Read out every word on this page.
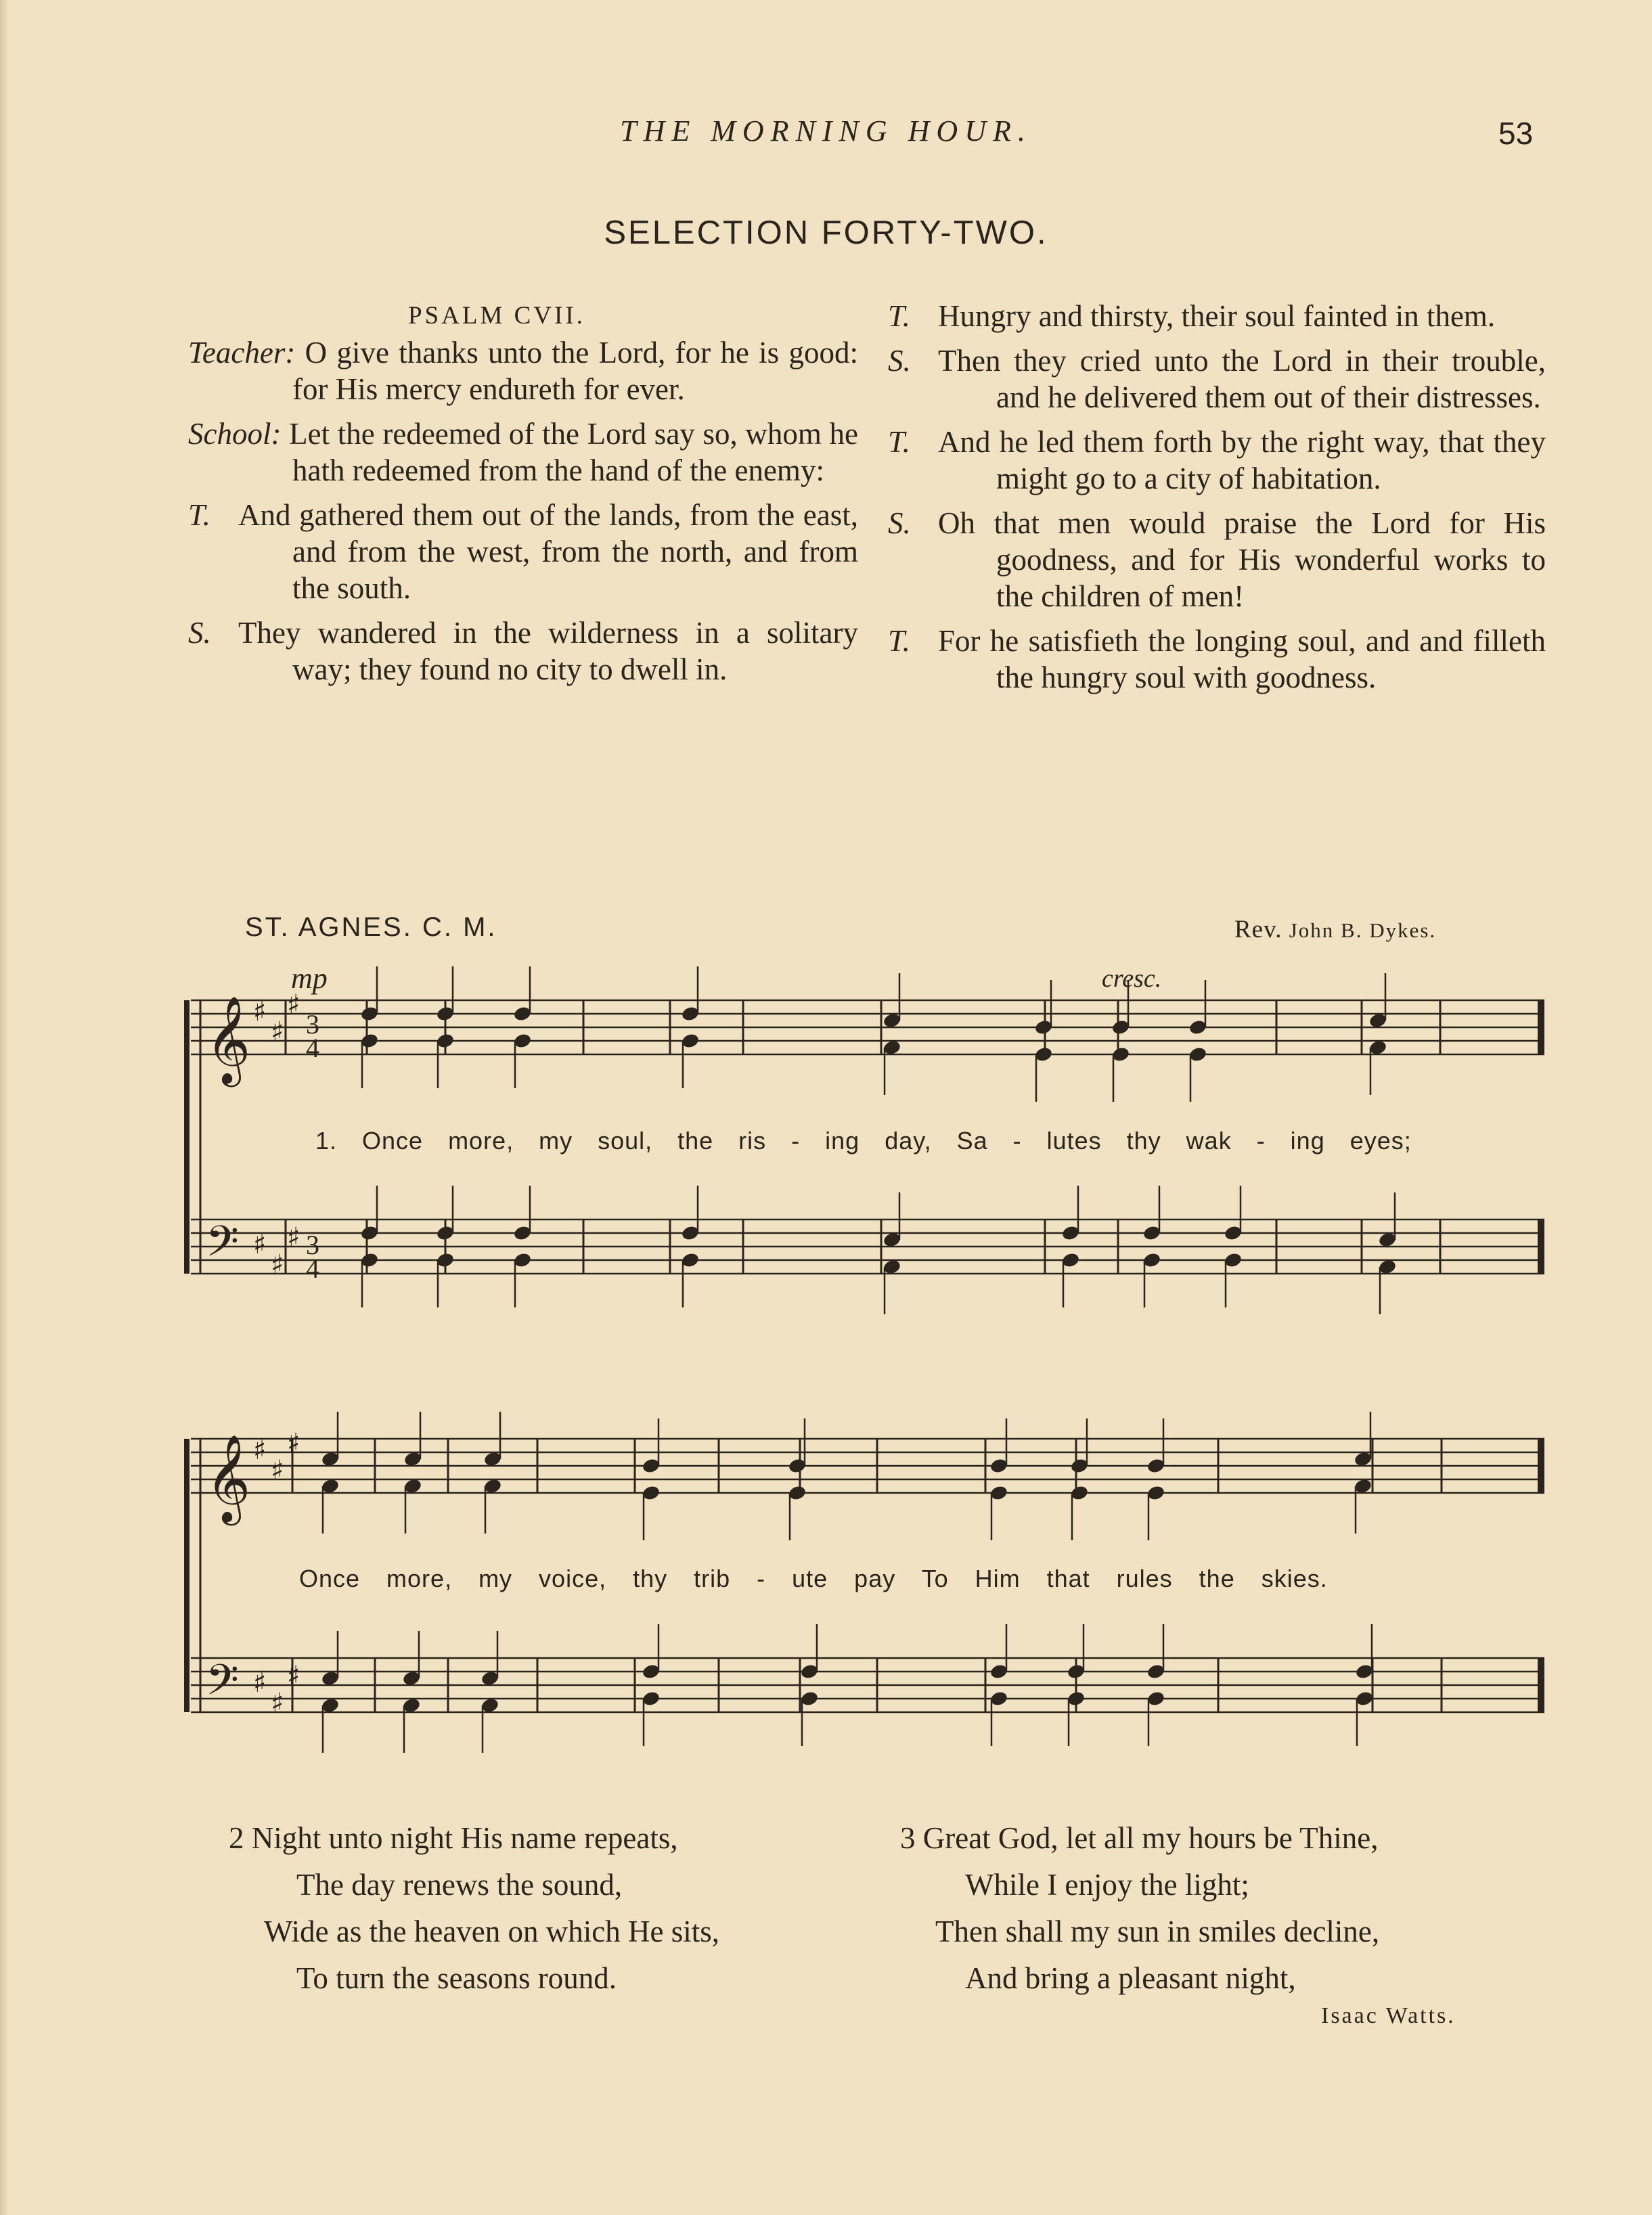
THE MORNING HOUR.	53
SELECTION FORTY-TWO.
PSALM CVII.
Teacher: O give thanks unto the Lord, for he is good: for His mercy endureth for ever.
School: Let the redeemed of the Lord say so, whom he hath redeemed from the hand of the enemy:
T. And gathered them out of the lands, from the east, and from the west, from the north, and from the south.
S. They wandered in the wilderness in a solitary way; they found no city to dwell in.
T. Hungry and thirsty, their soul fainted in them.
S. Then they cried unto the Lord in their trouble, and he delivered them out of their distresses.
T. And he led them forth by the right way, that they might go to a city of habitation.
S. Oh that men would praise the Lord for His goodness, and for His wonderful works to the children of men!
T. For he satisfieth the longing soul, and and filleth the hungry soul with goodness.
ST. AGNES. C. M.	Rev. John B. Dykes.
𝄞
𝄢
♯
♯
♯
♯
♯
♯
𝄞
𝄢
♯
♯
♯
♯
♯
♯
mp	cresc.
3
4
3
4
1. Once more, my soul, the ris - ing day, Sa - lutes thy wak - ing eyes;
Once more, my voice, thy trib - ute pay To Him that rules the skies.
2 Night unto night His name repeats,
The day renews the sound,
Wide as the heaven on which He sits,
To turn the seasons round.
3 Great God, let all my hours be Thine,
While I enjoy the light;
Then shall my sun in smiles decline,
And bring a pleasant night,
Isaac Watts.
